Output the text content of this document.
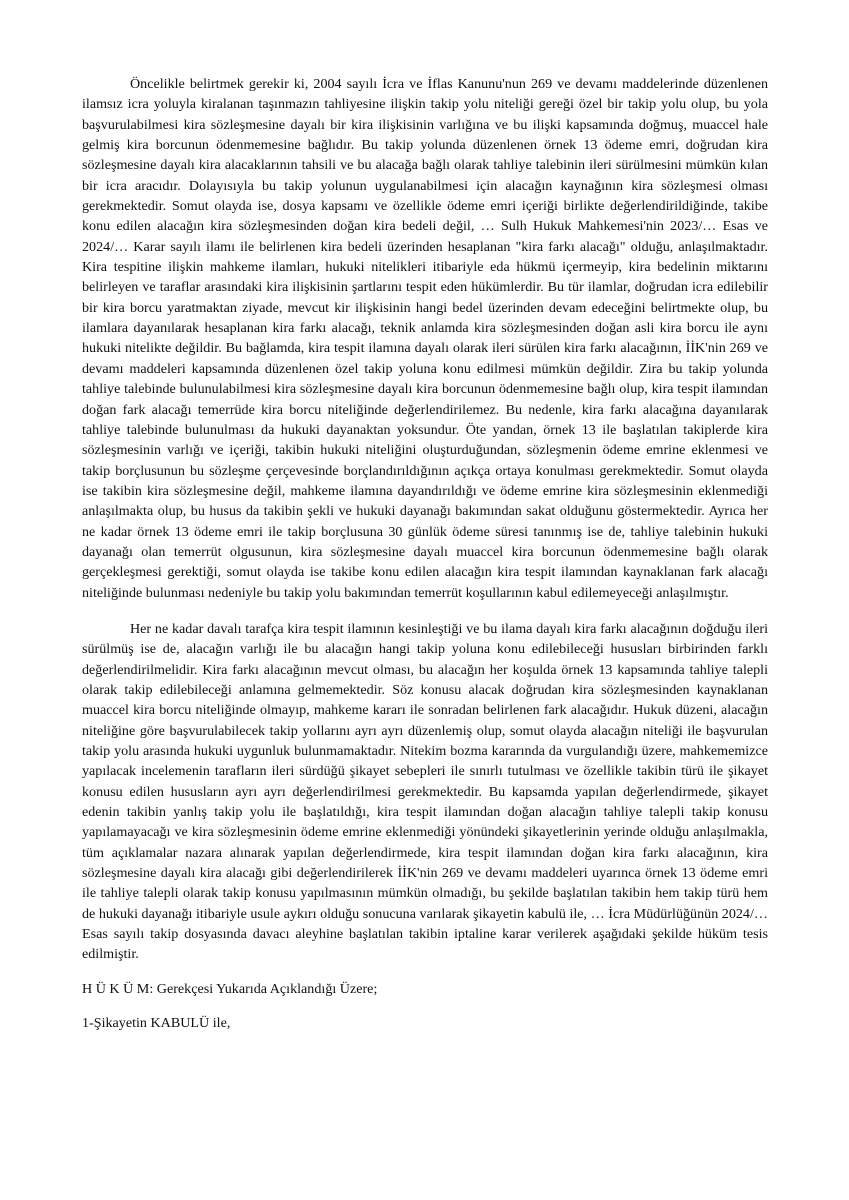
Öncelikle belirtmek gerekir ki, 2004 sayılı İcra ve İflas Kanunu'nun 269 ve devamı maddelerinde düzenlenen ilamsız icra yoluyla kiralanan taşınmazın tahliyesine ilişkin takip yolu niteliği gereği özel bir takip yolu olup, bu yola başvurulabilmesi kira sözleşmesine dayalı bir kira ilişkisinin varlığına ve bu ilişki kapsamında doğmuş, muaccel hale gelmiş kira borcunun ödenmemesine bağlıdır. Bu takip yolunda düzenlenen örnek 13 ödeme emri, doğrudan kira sözleşmesine dayalı kira alacaklarının tahsili ve bu alacağa bağlı olarak tahliye talebinin ileri sürülmesini mümkün kılan bir icra aracıdır. Dolayısıyla bu takip yolunun uygulanabilmesi için alacağın kaynağının kira sözleşmesi olması gerekmektedir. Somut olayda ise, dosya kapsamı ve özellikle ödeme emri içeriği birlikte değerlendirildiğinde, takibe konu edilen alacağın kira sözleşmesinden doğan kira bedeli değil, … Sulh Hukuk Mahkemesi'nin 2023/… Esas ve 2024/… Karar sayılı ilamı ile belirlenen kira bedeli üzerinden hesaplanan "kira farkı alacağı" olduğu, anlaşılmaktadır. Kira tespitine ilişkin mahkeme ilamları, hukuki nitelikleri itibariyle eda hükmü içermeyip, kira bedelinin miktarını belirleyen ve taraflar arasındaki kira ilişkisinin şartlarını tespit eden hükümlerdir. Bu tür ilamlar, doğrudan icra edilebilir bir kira borcu yaratmaktan ziyade, mevcut kir ilişkisinin hangi bedel üzerinden devam edeceğini belirtmekte olup, bu ilamlara dayanılarak hesaplanan kira farkı alacağı, teknik anlamda kira sözleşmesinden doğan asli kira borcu ile aynı hukuki nitelikte değildir. Bu bağlamda, kira tespit ilamına dayalı olarak ileri sürülen kira farkı alacağının, İİK'nin 269 ve devamı maddeleri kapsamında düzenlenen özel takip yoluna konu edilmesi mümkün değildir. Zira bu takip yolunda tahliye talebinde bulunulabilmesi kira sözleşmesine dayalı kira borcunun ödenmemesine bağlı olup, kira tespit ilamından doğan fark alacağı temerrüde kira borcu niteliğinde değerlendirilemez. Bu nedenle, kira farkı alacağına dayanılarak tahliye talebinde bulunulması da hukuki dayanaktan yoksundur. Öte yandan, örnek 13 ile başlatılan takiplerde kira sözleşmesinin varlığı ve içeriği, takibin hukuki niteliğini oluşturduğundan, sözleşmenin ödeme emrine eklenmesi ve takip borçlusunun bu sözleşme çerçevesinde borçlandırıldığının açıkça ortaya konulması gerekmektedir. Somut olayda ise takibin kira sözleşmesine değil, mahkeme ilamına dayandırıldığı ve ödeme emrine kira sözleşmesinin eklenmediği anlaşılmakta olup, bu husus da takibin şekli ve hukuki dayanağı bakımından sakat olduğunu göstermektedir. Ayrıca her ne kadar örnek 13 ödeme emri ile takip borçlusuna 30 günlük ödeme süresi tanınmış ise de, tahliye talebinin hukuki dayanağı olan temerrüt olgusunun, kira sözleşmesine dayalı muaccel kira borcunun ödenmemesine bağlı olarak gerçekleşmesi gerektiği, somut olayda ise takibe konu edilen alacağın kira tespit ilamından kaynaklanan fark alacağı niteliğinde bulunması nedeniyle bu takip yolu bakımından temerrüt koşullarının kabul edilemeyeceği anlaşılmıştır.

Her ne kadar davalı tarafça kira tespit ilamının kesinleştiği ve bu ilama dayalı kira farkı alacağının doğduğu ileri sürülmüş ise de, alacağın varlığı ile bu alacağın hangi takip yoluna konu edilebileceği hususları birbirinden farklı değerlendirilmelidir. Kira farkı alacağının mevcut olması, bu alacağın her koşulda örnek 13 kapsamında tahliye talepli olarak takip edilebileceği anlamına gelmemektedir. Söz konusu alacak doğrudan kira sözleşmesinden kaynaklanan muaccel kira borcu niteliğinde olmayıp, mahkeme kararı ile sonradan belirlenen fark alacağıdır. Hukuk düzeni, alacağın niteliğine göre başvurulabilecek takip yollarını ayrı ayrı düzenlemiş olup, somut olayda alacağın niteliği ile başvurulan takip yolu arasında hukuki uygunluk bulunmamaktadır. Nitekim bozma kararında da vurgulandığı üzere, mahkememizce yapılacak incelemenin tarafların ileri sürdüğü şikayet sebepleri ile sınırlı tutulması ve özellikle takibin türü ile şikayet konusu edilen hususların ayrı ayrı değerlendirilmesi gerekmektedir. Bu kapsamda yapılan değerlendirmede, şikayet edenin takibin yanlış takip yolu ile başlatıldığı, kira tespit ilamından doğan alacağın tahliye talepli takip konusu yapılamayacağı ve kira sözleşmesinin ödeme emrine eklenmediği yönündeki şikayetlerinin yerinde olduğu anlaşılmakla, tüm açıklamalar nazara alınarak yapılan değerlendirmede, kira tespit ilamından doğan kira farkı alacağının, kira sözleşmesine dayalı kira alacağı gibi değerlendirilerek İİK'nin 269 ve devamı maddeleri uyarınca örnek 13 ödeme emri ile tahliye talepli olarak takip konusu yapılmasının mümkün olmadığı, bu şekilde başlatılan takibin hem takip türü hem de hukuki dayanağı itibariyle usule aykırı olduğu sonucuna varılarak şikayetin kabulü ile, … İcra Müdürlüğünün 2024/… Esas sayılı takip dosyasında davacı aleyhine başlatılan takibin iptaline karar verilerek aşağıdaki şekilde hüküm tesis edilmiştir.

H Ü K Ü M: Gerekçesi Yukarıda Açıklandığı Üzere;

1-Şikayetin KABULÜ ile,
